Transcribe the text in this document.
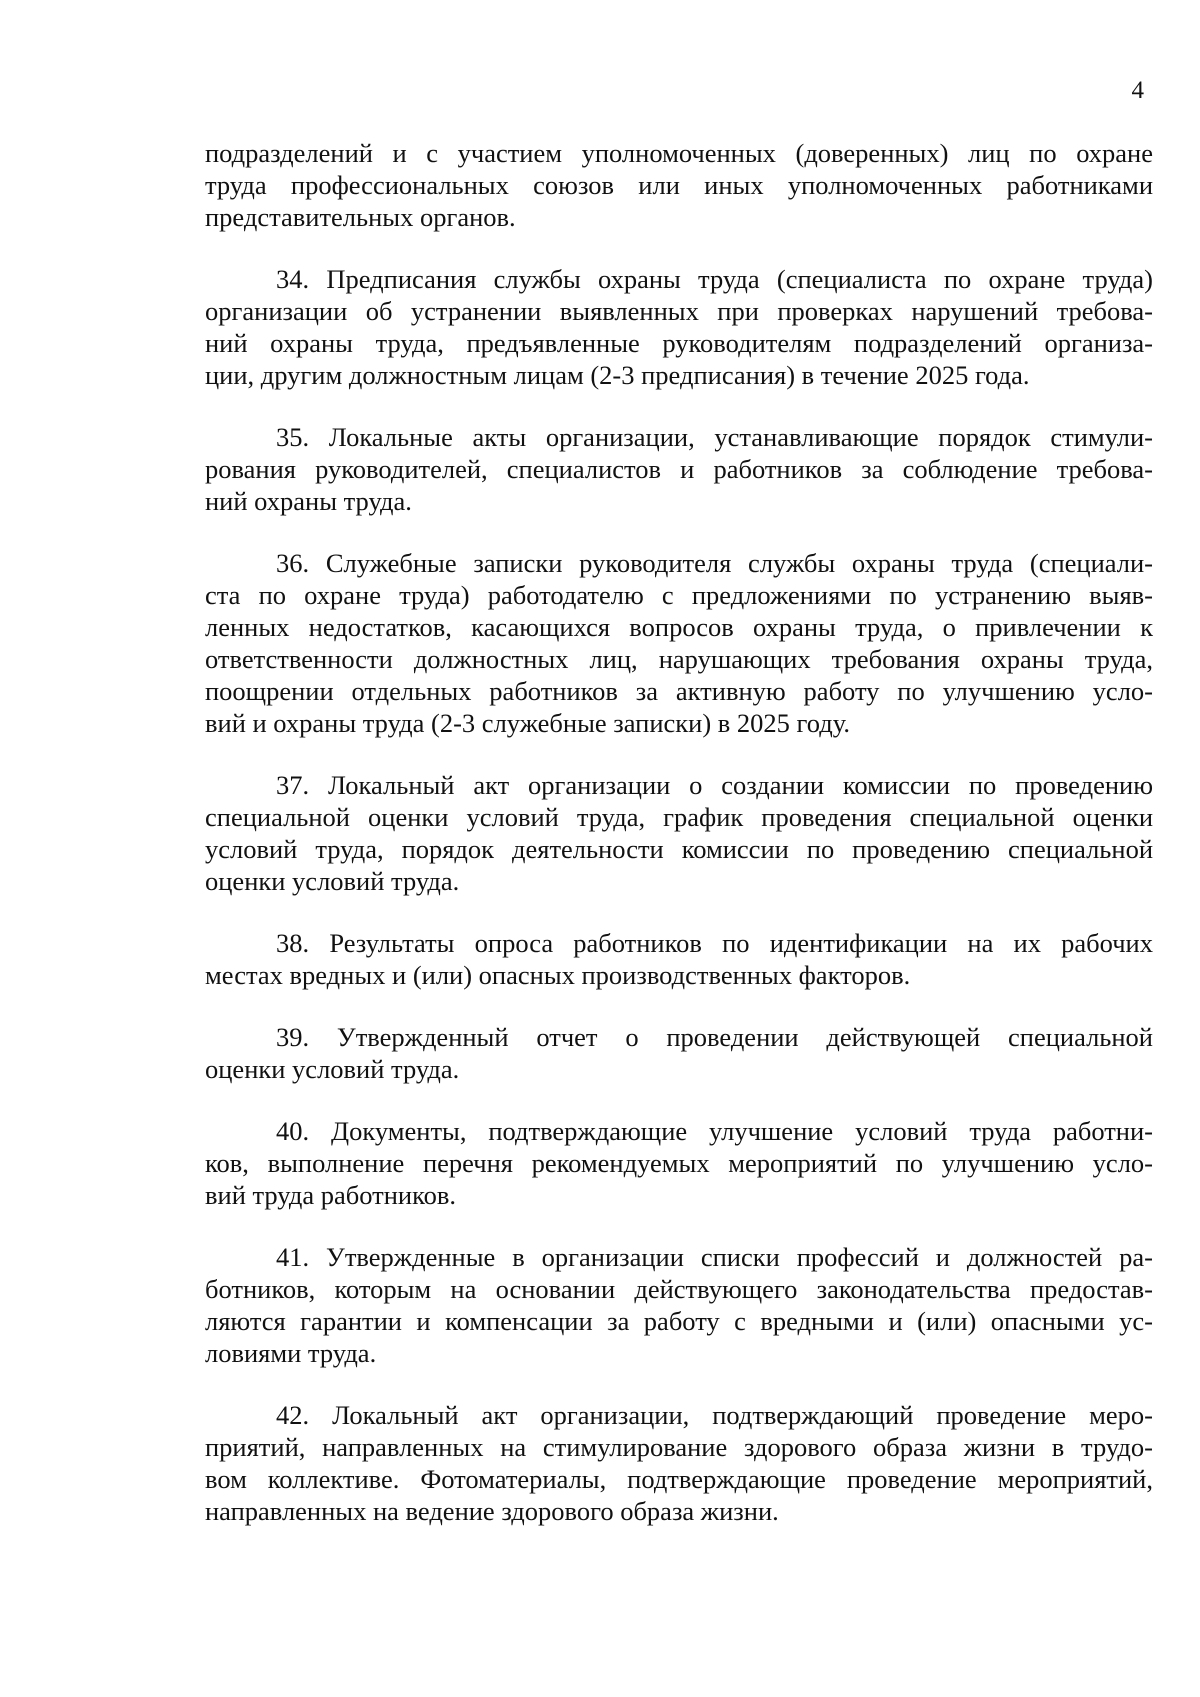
4

подразделений и с участием уполномоченных (доверенных) лиц по охране
труда профессиональных союзов или иных уполномоченных работниками
представительных органов.

34. Предписания службы охраны труда (специалиста по охране труда)
организации об устранении выявленных при проверках нарушений требова-
ний охраны труда, предъявленные руководителям подразделений организа-
ции, другим должностным лицам (2-3 предписания) в течение 2025 года.

35. Локальные акты организации, устанавливающие порядок стимули-
рования руководителей, специалистов и работников за соблюдение требова-
ний охраны труда.

36. Служебные записки руководителя службы охраны труда (специали-
ста по охране труда) работодателю с предложениями по устранению выяв-
ленных недостатков, касающихся вопросов охраны труда, о привлечении к
ответственности должностных лиц, нарушающих требования охраны труда,
поощрении отдельных работников за активную работу по улучшению усло-
вий и охраны труда (2-3 служебные записки) в 2025 году.

37. Локальный акт организации о создании комиссии по проведению
специальной оценки условий труда, график проведения специальной оценки
условий труда, порядок деятельности комиссии по проведению специальной
оценки условий труда.

38. Результаты опроса работников по идентификации на их рабочих
местах вредных и (или) опасных производственных факторов.

39. Утвержденный отчет о проведении действующей специальной
оценки условий труда.

40. Документы, подтверждающие улучшение условий труда работни-
ков, выполнение перечня рекомендуемых мероприятий по улучшению усло-
вий труда работников.

41. Утвержденные в организации списки профессий и должностей ра-
ботников, которым на основании действующего законодательства предостав-
ляются гарантии и компенсации за работу с вредными и (или) опасными ус-
ловиями труда.

42. Локальный акт организации, подтверждающий проведение меро-
приятий, направленных на стимулирование здорового образа жизни в трудо-
вом коллективе. Фотоматериалы, подтверждающие проведение мероприятий,
направленных на ведение здорового образа жизни.
